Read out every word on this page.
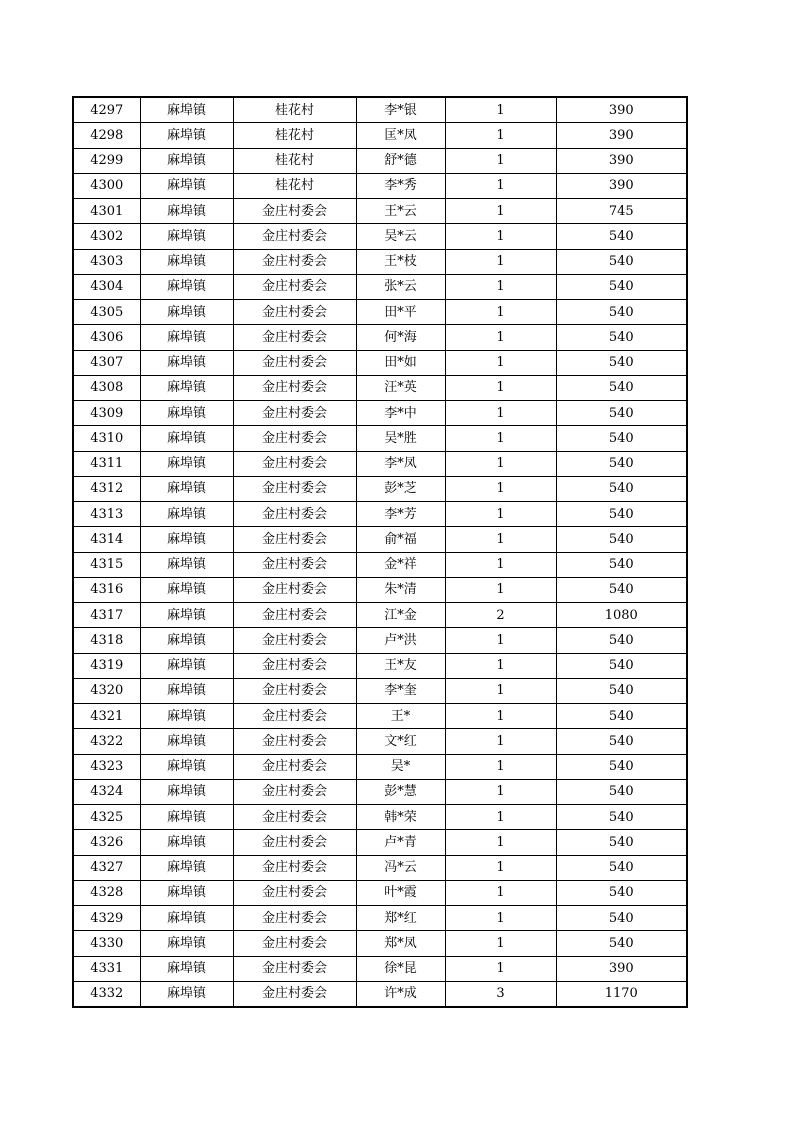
4297	麻埠镇	桂花村	李*银	1	390
4298	麻埠镇	桂花村	匡*凤	1	390
4299	麻埠镇	桂花村	舒*德	1	390
4300	麻埠镇	桂花村	李*秀	1	390
4301	麻埠镇	金庄村委会	王*云	1	745
4302	麻埠镇	金庄村委会	吴*云	1	540
4303	麻埠镇	金庄村委会	王*枝	1	540
4304	麻埠镇	金庄村委会	张*云	1	540
4305	麻埠镇	金庄村委会	田*平	1	540
4306	麻埠镇	金庄村委会	何*海	1	540
4307	麻埠镇	金庄村委会	田*如	1	540
4308	麻埠镇	金庄村委会	汪*英	1	540
4309	麻埠镇	金庄村委会	李*中	1	540
4310	麻埠镇	金庄村委会	吴*胜	1	540
4311	麻埠镇	金庄村委会	李*凤	1	540
4312	麻埠镇	金庄村委会	彭*芝	1	540
4313	麻埠镇	金庄村委会	李*芳	1	540
4314	麻埠镇	金庄村委会	俞*福	1	540
4315	麻埠镇	金庄村委会	金*祥	1	540
4316	麻埠镇	金庄村委会	朱*清	1	540
4317	麻埠镇	金庄村委会	江*金	2	1080
4318	麻埠镇	金庄村委会	卢*洪	1	540
4319	麻埠镇	金庄村委会	王*友	1	540
4320	麻埠镇	金庄村委会	李*奎	1	540
4321	麻埠镇	金庄村委会	王*	1	540
4322	麻埠镇	金庄村委会	文*红	1	540
4323	麻埠镇	金庄村委会	吴*	1	540
4324	麻埠镇	金庄村委会	彭*慧	1	540
4325	麻埠镇	金庄村委会	韩*荣	1	540
4326	麻埠镇	金庄村委会	卢*青	1	540
4327	麻埠镇	金庄村委会	冯*云	1	540
4328	麻埠镇	金庄村委会	叶*霞	1	540
4329	麻埠镇	金庄村委会	郑*红	1	540
4330	麻埠镇	金庄村委会	郑*凤	1	540
4331	麻埠镇	金庄村委会	徐*昆	1	390
4332	麻埠镇	金庄村委会	许*成	3	1170
